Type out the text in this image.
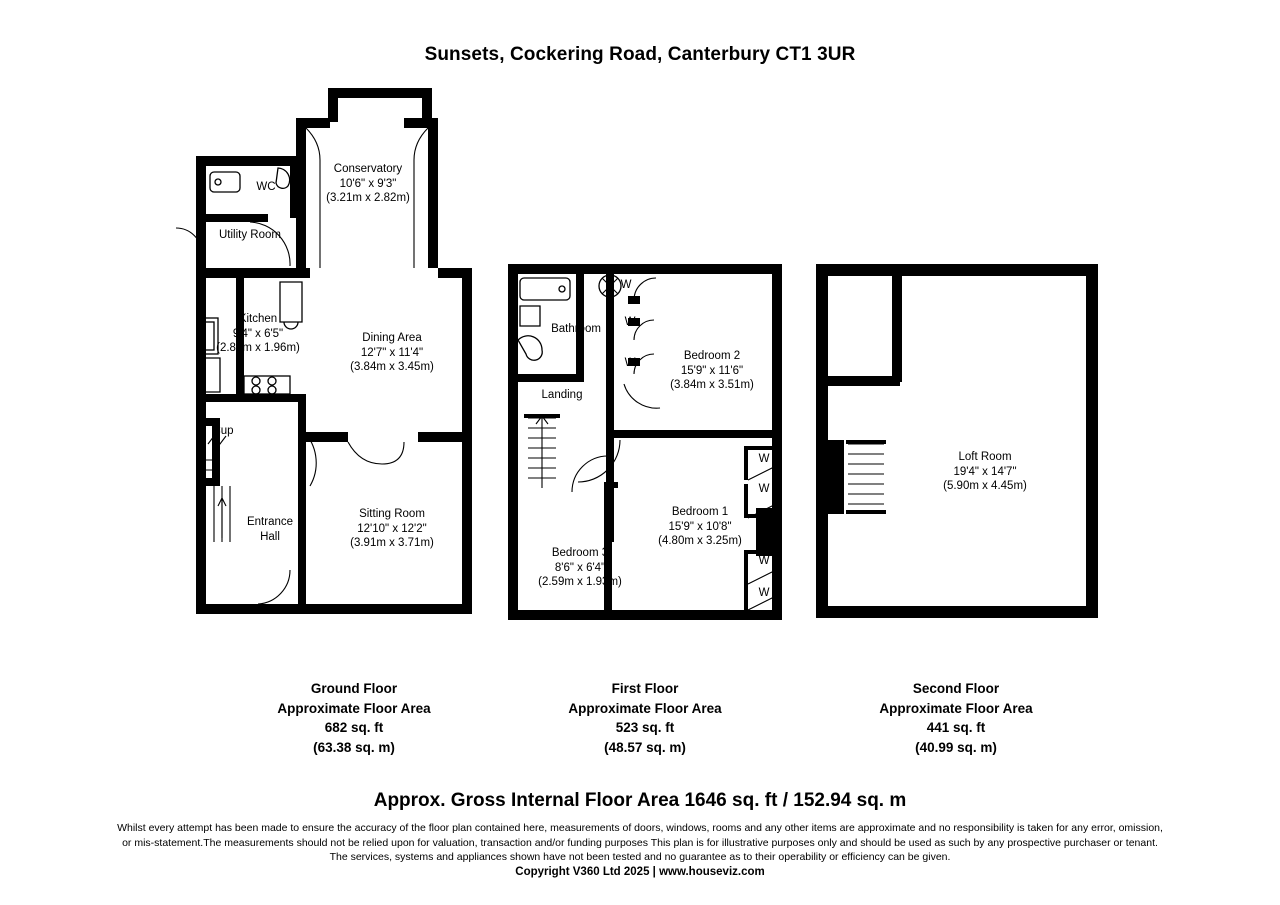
Sunsets, Cockering Road, Canterbury CT1 3UR
Conservatory
10'6" x 9'3"
(3.21m x 2.82m)
WC
Utility Room
Kitchen
9'4" x 6'5"
(2.84m x 1.96m)
Dining Area
12'7" x 11'4"
(3.84m x 3.45m)
Cup
Entrance
Hall
Sitting Room
12'10" x 12'2"
(3.91m x 3.71m)
Bathroom
Landing
Bedroom 2
15'9" x 11'6"
(3.84m x 3.51m)
Bedroom 1
15'9" x 10'8"
(4.80m x 3.25m)
Bedroom 3
8'6" x 6'4"
(2.59m x 1.93m)
Loft Room
19'4" x 14'7"
(5.90m x 4.45m)
W
W
W
W
W
W
W
Ground Floor
Approximate Floor Area
682 sq. ft
(63.38 sq. m)
First Floor
Approximate Floor Area
523 sq. ft
(48.57 sq. m)
Second Floor
Approximate Floor Area
441 sq. ft
(40.99 sq. m)
Approx. Gross Internal Floor Area 1646 sq. ft / 152.94 sq. m
Whilst every attempt has been made to ensure the accuracy of the floor plan contained here, measurements of doors, windows, rooms and any other items are approximate and no responsibility is taken for any error, omission,
or mis-statement.The measurements should not be relied upon for valuation, transaction and/or funding purposes This plan is for illustrative purposes only and should be used as such by any prospective purchaser or tenant.
The services, systems and appliances shown have not been tested and no guarantee as to their operability or efficiency can be given.
Copyright V360 Ltd 2025 | www.houseviz.com
